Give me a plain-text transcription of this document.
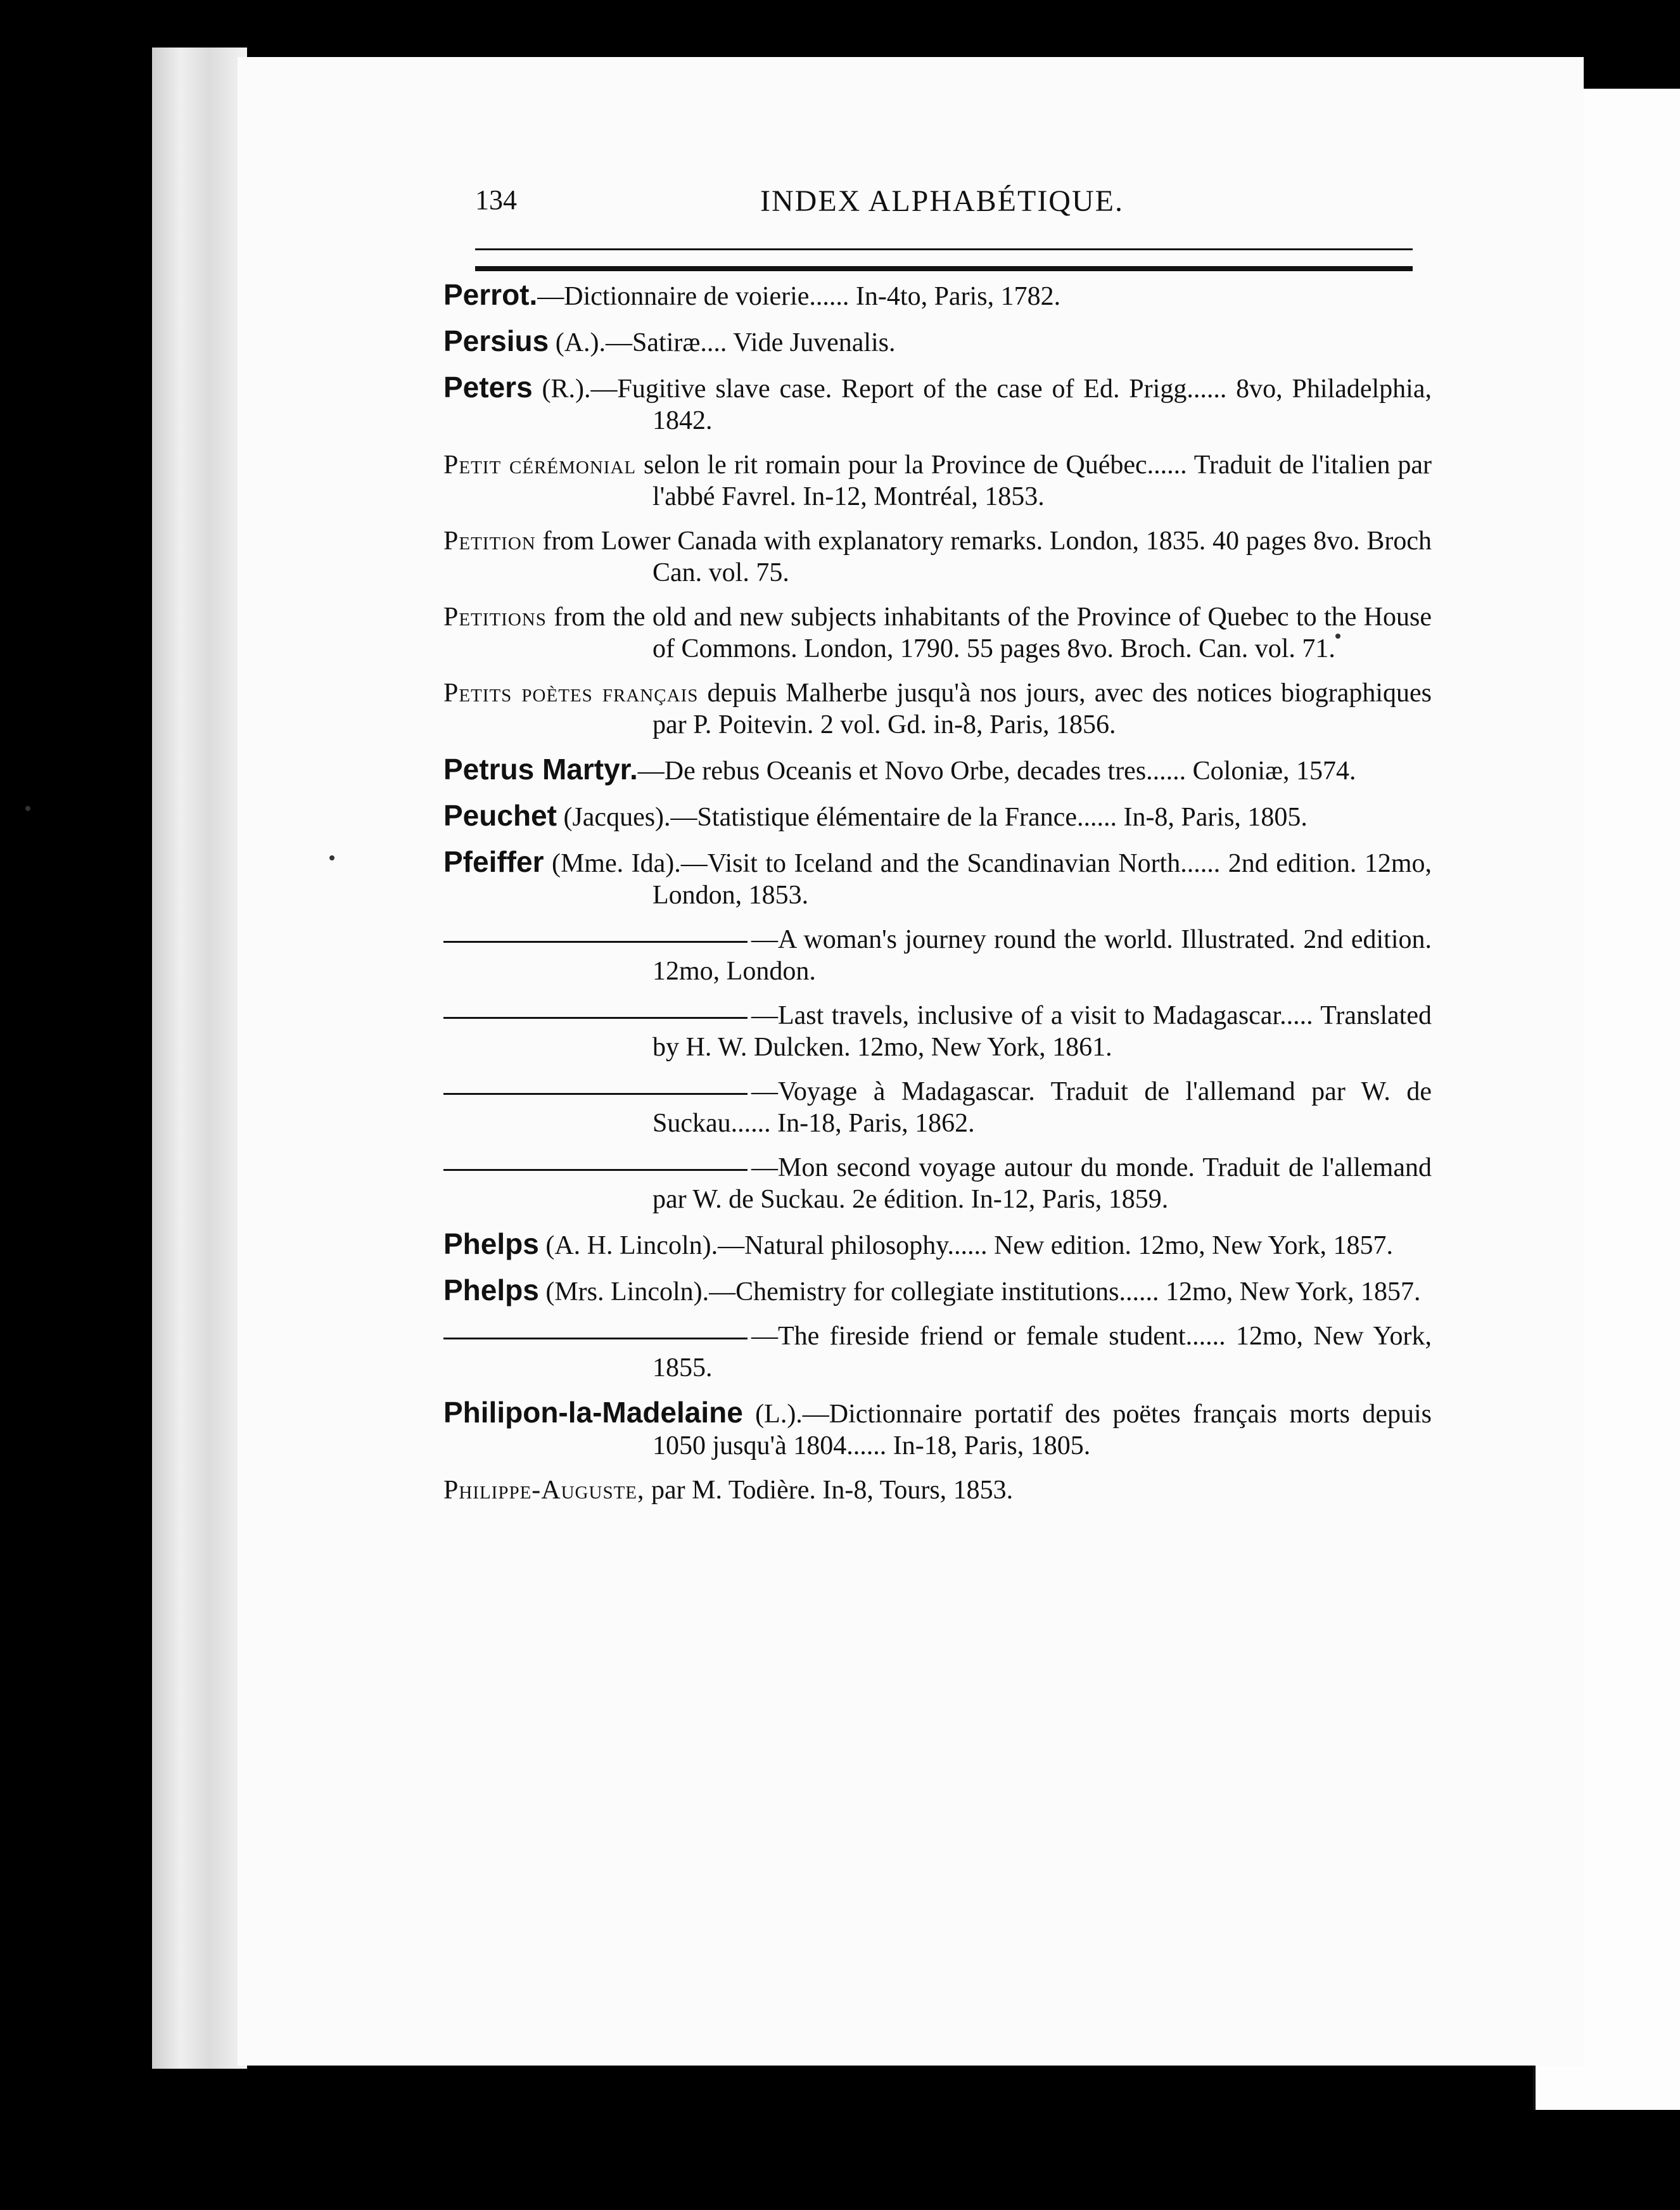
134	INDEX ALPHABÉTIQUE.
Perrot.—Dictionnaire de voierie...... In-4to, Paris, 1782.
Persius (A.).—Satiræ.... Vide Juvenalis.
Peters (R.).—Fugitive slave case. Report of the case of Ed. Prigg...... 8vo, Philadelphia, 1842.
Petit cérémonial selon le rit romain pour la Province de Québec...... Traduit de l'italien par l'abbé Favrel. In-12, Montréal, 1853.
Petition from Lower Canada with explanatory remarks. London, 1835. 40 pages 8vo. Broch Can. vol. 75.
Petitions from the old and new subjects inhabitants of the Province of Quebec to the House of Commons. London, 1790. 55 pages 8vo. Broch. Can. vol. 71.
Petits poètes français depuis Malherbe jusqu'à nos jours, avec des notices biographiques par P. Poitevin. 2 vol. Gd. in-8, Paris, 1856.
Petrus Martyr.—De rebus Oceanis et Novo Orbe, decades tres...... Coloniæ, 1574.
Peuchet (Jacques).—Statistique élémentaire de la France...... In-8, Paris, 1805.
Pfeiffer (Mme. Ida).—Visit to Iceland and the Scandinavian North...... 2nd edition. 12mo, London, 1853.
—A woman's journey round the world. Illustrated. 2nd edition. 12mo, London.
—Last travels, inclusive of a visit to Madagascar..... Translated by H. W. Dulcken. 12mo, New York, 1861.
—Voyage à Madagascar. Traduit de l'allemand par W. de Suckau...... In-18, Paris, 1862.
—Mon second voyage autour du monde. Traduit de l'allemand par W. de Suckau. 2e édition. In-12, Paris, 1859.
Phelps (A. H. Lincoln).—Natural philosophy...... New edition. 12mo, New York, 1857.
Phelps (Mrs. Lincoln).—Chemistry for collegiate institutions...... 12mo, New York, 1857.
—The fireside friend or female student...... 12mo, New York, 1855.
Philipon-la-Madelaine (L.).—Dictionnaire portatif des poëtes français morts depuis 1050 jusqu'à 1804...... In-18, Paris, 1805.
Philippe-Auguste, par M. Todière. In-8, Tours, 1853.
